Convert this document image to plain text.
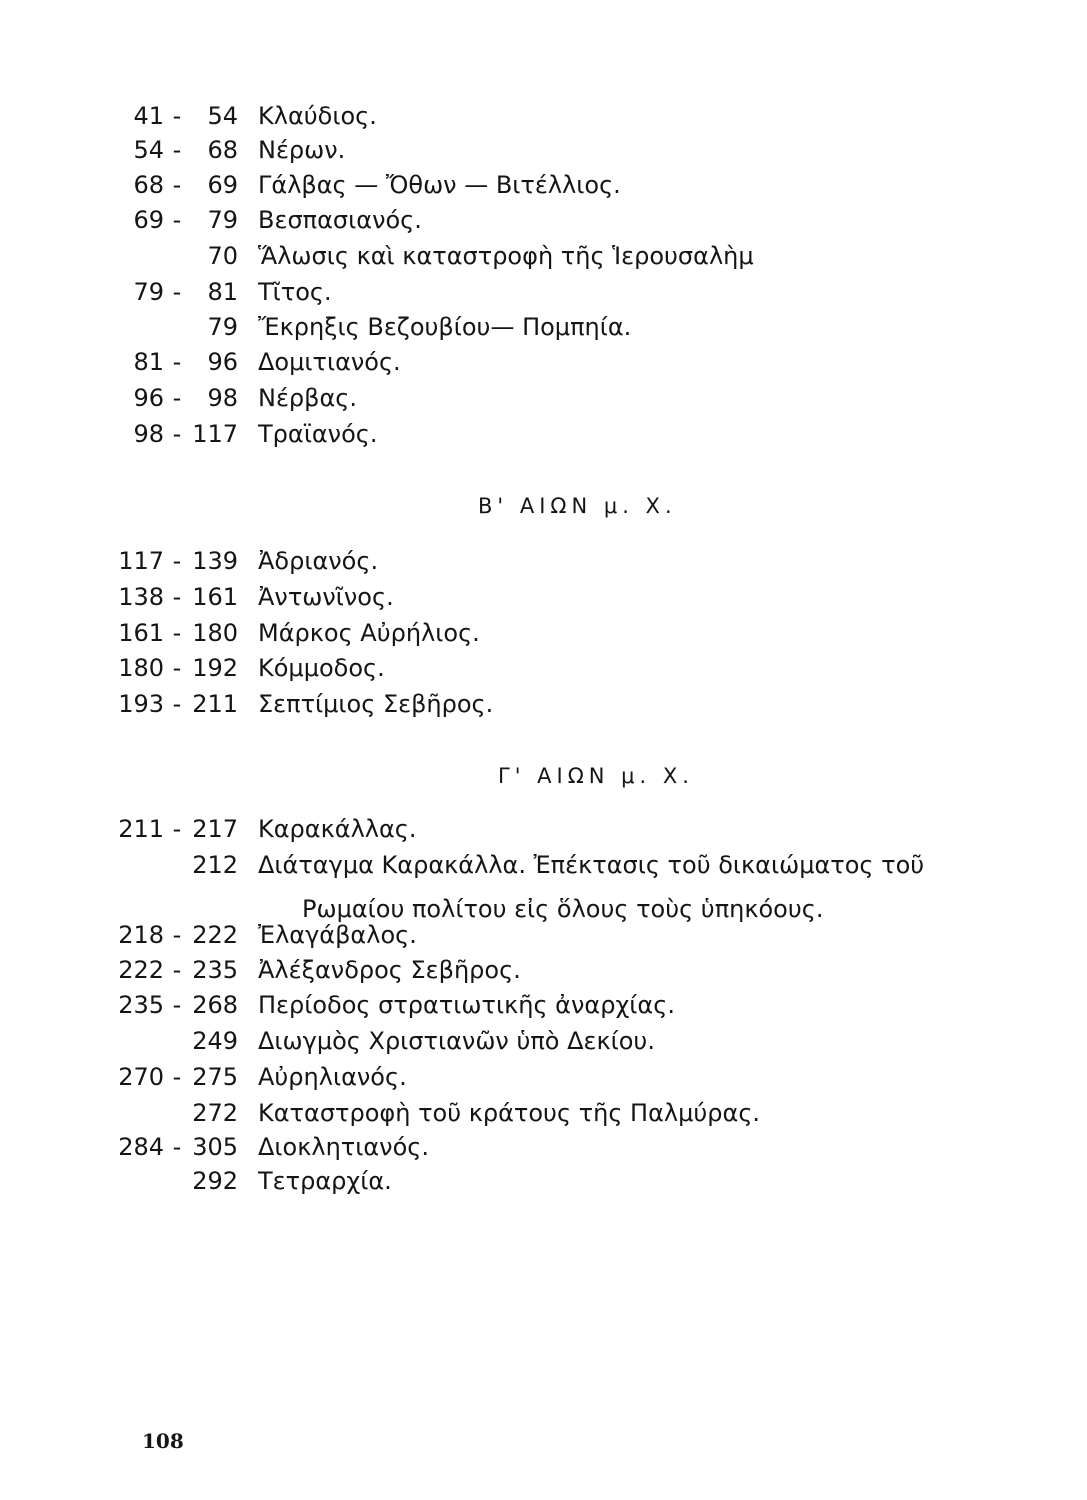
41 -	54 Κλαύδιος.
54 -	68 Νέρων.
68 -	69 Γάλβας — Ὄθων — Βιτέλλιος.
69 -	79 Βεσπασιανός.
70 Ἅλωσις καὶ καταστροφὴ τῆς Ἱερουσαλὴμ
79 -	81 Τῖτος.
79 Ἔκρηξις Βεζουβίου— Πομπηία.
81 -	96 Δομιτιανός.
96 -	98 Νέρβας.
98 - 117 Τραϊανός.
Β' ΑΙΩΝ μ. Χ.
117 - 139 Ἀδριανός.
138 - 161 Ἀντωνῖνος.
161 - 180 Μάρκος Αὐρήλιος.
180 - 192 Κόμμοδος.
193 - 211 Σεπτίμιος Σεβῆρος.
Γ' ΑΙΩΝ μ. Χ.
211 - 217 Καρακάλλας.
212 Διάταγμα Καρακάλλα. Ἐπέκτασις τοῦ δικαιώματος τοῦ
Ρωμαίου πολίτου εἰς ὅλους τοὺς ὑπηκόους.
218 - 222 Ἐλαγάβαλος.
222 - 235 Ἀλέξανδρος Σεβῆρος.
235 - 268 Περίοδος στρατιωτικῆς ἀναρχίας.
249 Διωγμὸς Χριστιανῶν ὑπὸ Δεκίου.
270 - 275 Αὐρηλιανός.
272 Καταστροφὴ τοῦ κράτους τῆς Παλμύρας.
284 - 305 Διοκλητιανός.
292 Τετραρχία.
108
